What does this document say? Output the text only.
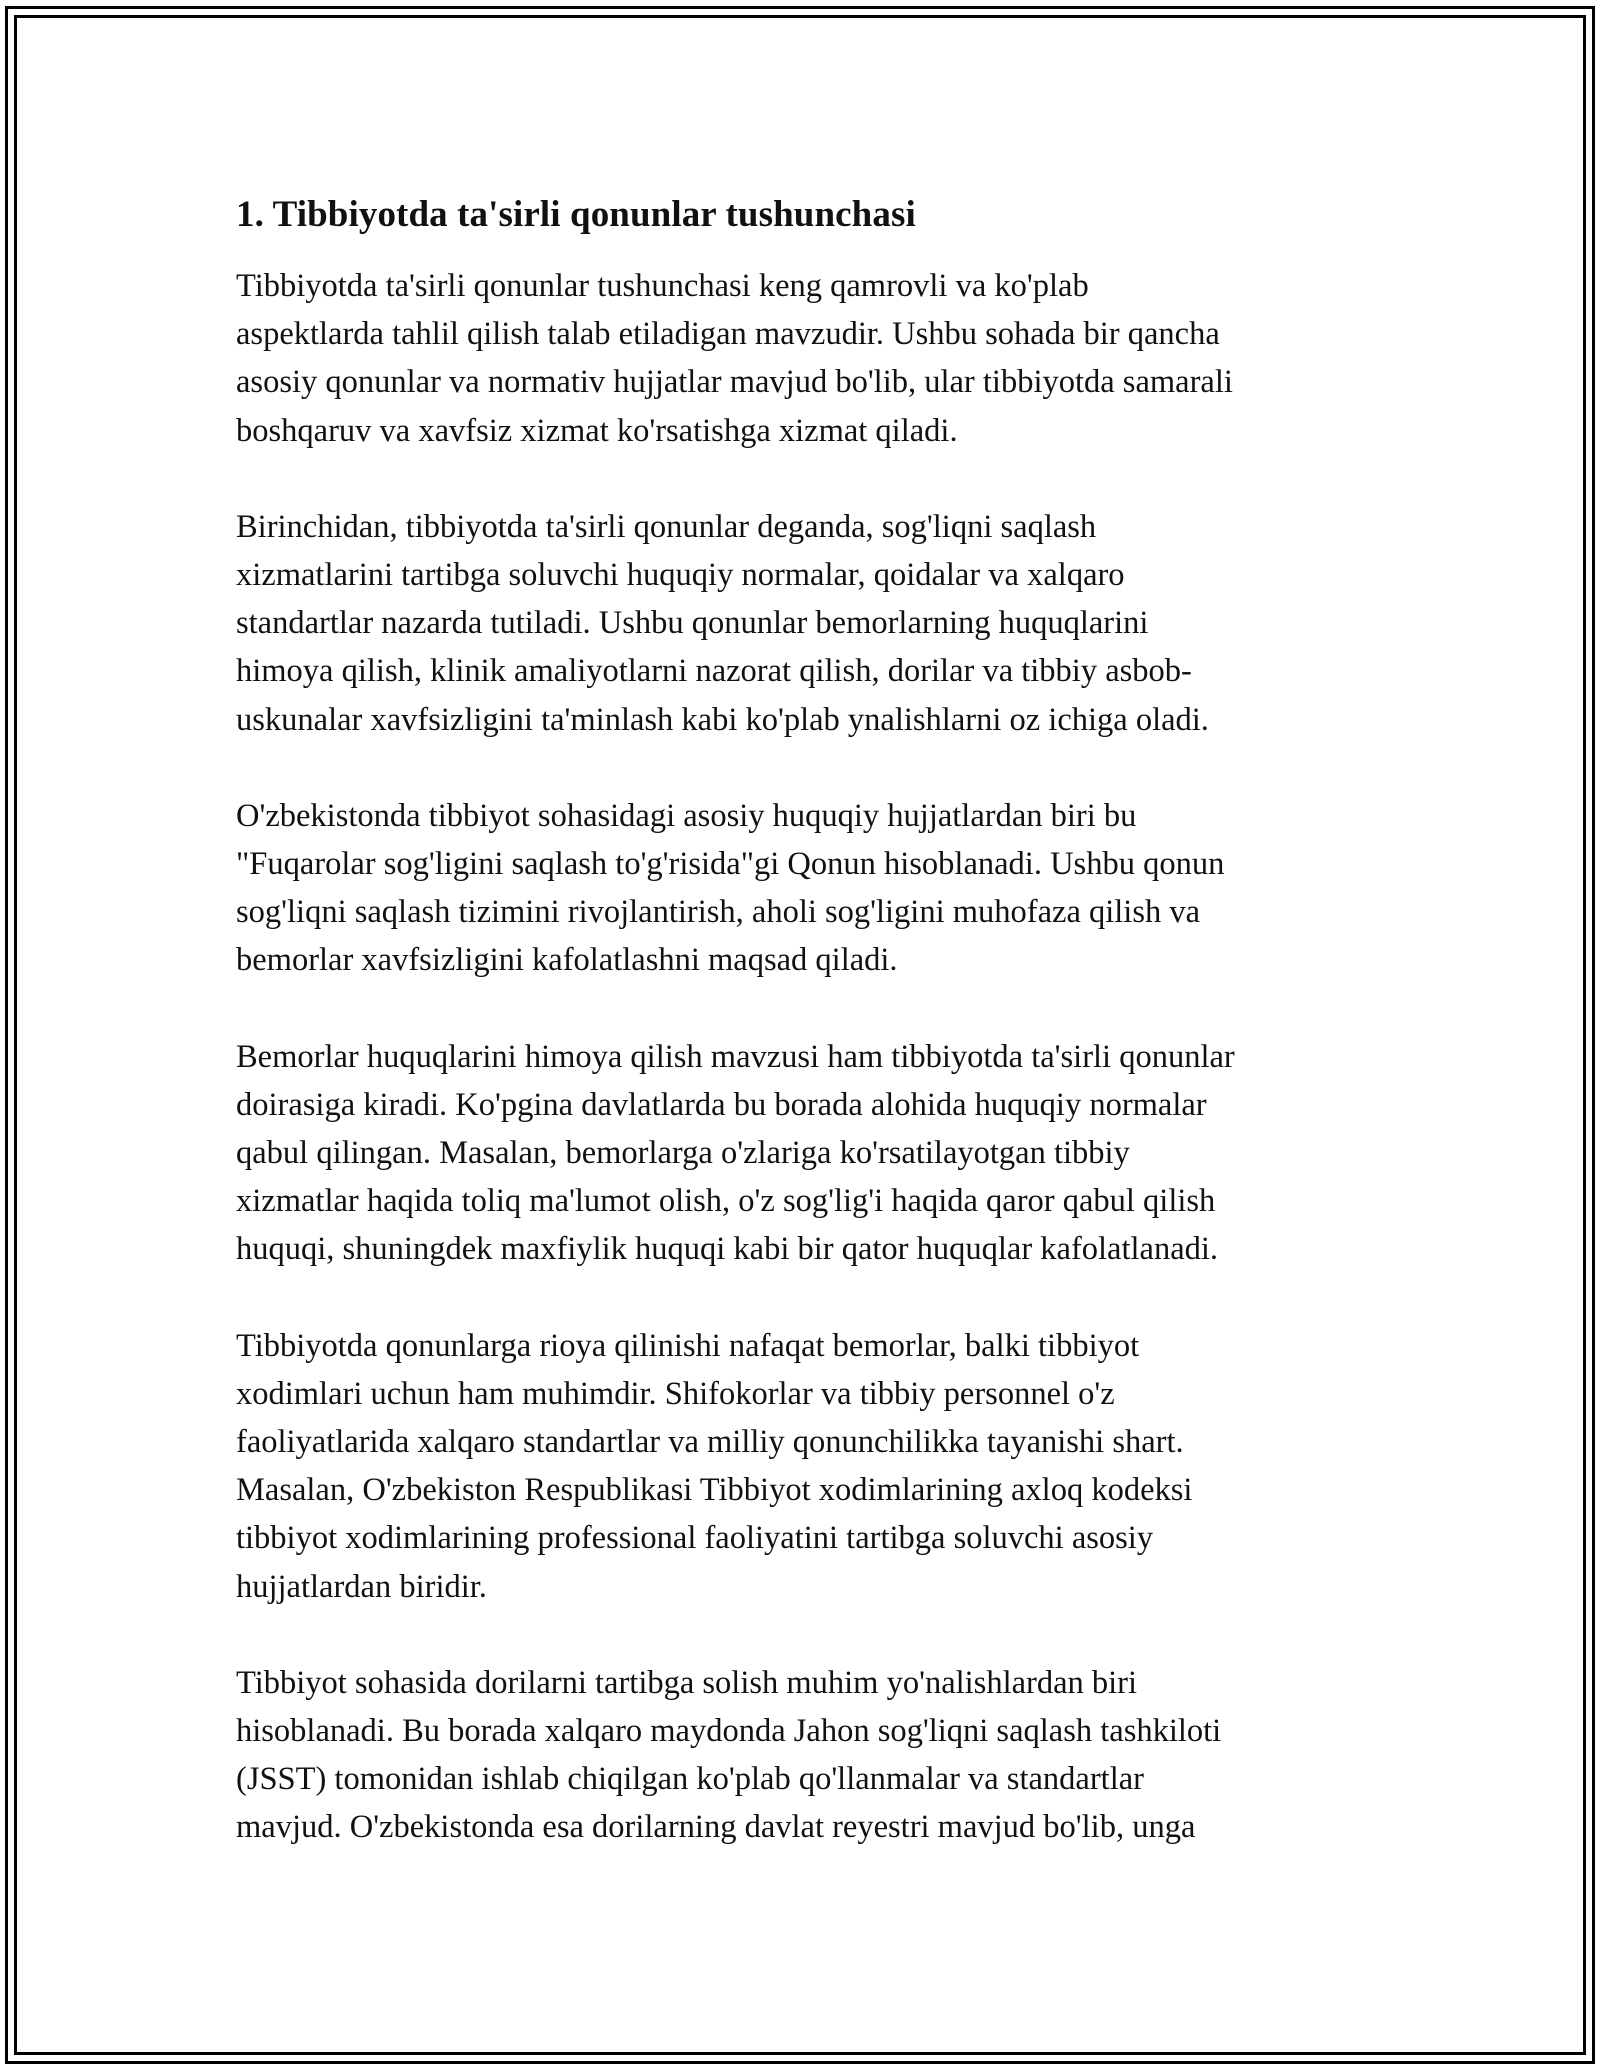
1. Tibbiyotda ta'sirli qonunlar tushunchasi

Tibbiyotda ta'sirli qonunlar tushunchasi keng qamrovli va ko'plab
aspektlarda tahlil qilish talab etiladigan mavzudir. Ushbu sohada bir qancha
asosiy qonunlar va normativ hujjatlar mavjud bo'lib, ular tibbiyotda samarali
boshqaruv va xavfsiz xizmat ko'rsatishga xizmat qiladi.

Birinchidan, tibbiyotda ta'sirli qonunlar deganda, sog'liqni saqlash
xizmatlarini tartibga soluvchi huquqiy normalar, qoidalar va xalqaro
standartlar nazarda tutiladi. Ushbu qonunlar bemorlarning huquqlarini
himoya qilish, klinik amaliyotlarni nazorat qilish, dorilar va tibbiy asbob-
uskunalar xavfsizligini ta'minlash kabi ko'plab ynalishlarni oz ichiga oladi.

O'zbekistonda tibbiyot sohasidagi asosiy huquqiy hujjatlardan biri bu
"Fuqarolar sog'ligini saqlash to'g'risida"gi Qonun hisoblanadi. Ushbu qonun
sog'liqni saqlash tizimini rivojlantirish, aholi sog'ligini muhofaza qilish va
bemorlar xavfsizligini kafolatlashni maqsad qiladi.

Bemorlar huquqlarini himoya qilish mavzusi ham tibbiyotda ta'sirli qonunlar
doirasiga kiradi. Ko'pgina davlatlarda bu borada alohida huquqiy normalar
qabul qilingan. Masalan, bemorlarga o'zlariga ko'rsatilayotgan tibbiy
xizmatlar haqida toliq ma'lumot olish, o'z sog'lig'i haqida qaror qabul qilish
huquqi, shuningdek maxfiylik huquqi kabi bir qator huquqlar kafolatlanadi.

Tibbiyotda qonunlarga rioya qilinishi nafaqat bemorlar, balki tibbiyot
xodimlari uchun ham muhimdir. Shifokorlar va tibbiy personnel o'z
faoliyatlarida xalqaro standartlar va milliy qonunchilikka tayanishi shart.
Masalan, O'zbekiston Respublikasi Tibbiyot xodimlarining axloq kodeksi
tibbiyot xodimlarining professional faoliyatini tartibga soluvchi asosiy
hujjatlardan biridir.

Tibbiyot sohasida dorilarni tartibga solish muhim yo'nalishlardan biri
hisoblanadi. Bu borada xalqaro maydonda Jahon sog'liqni saqlash tashkiloti
(JSST) tomonidan ishlab chiqilgan ko'plab qo'llanmalar va standartlar
mavjud. O'zbekistonda esa dorilarning davlat reyestri mavjud bo'lib, unga
